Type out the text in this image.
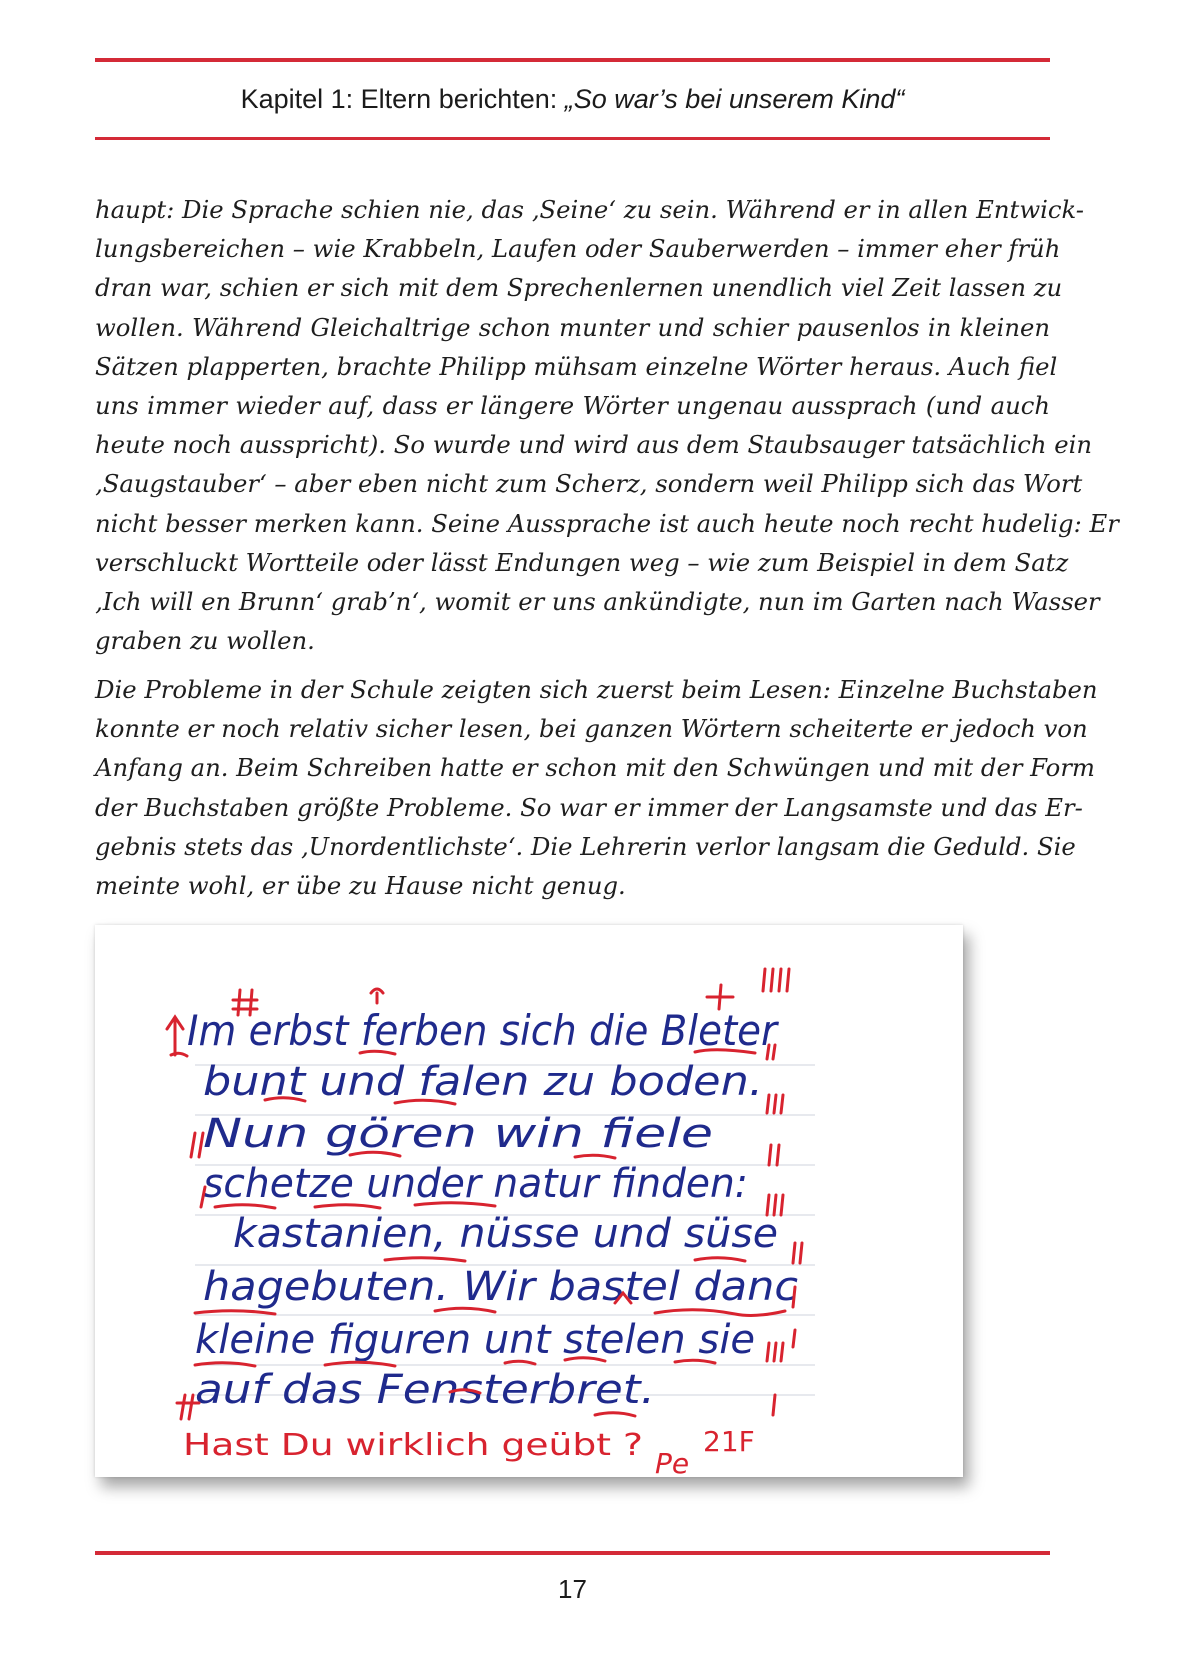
Kapitel 1: Eltern berichten: „So war’s bei unserem Kind“
haupt: Die Sprache schien nie, das ‚Seine‘ zu sein. Während er in allen Entwick-
lungsbereichen – wie Krabbeln, Laufen oder Sauberwerden – immer eher früh
dran war, schien er sich mit dem Sprechenlernen unendlich viel Zeit lassen zu
wollen. Während Gleichaltrige schon munter und schier pausenlos in kleinen
Sätzen plapperten, brachte Philipp mühsam einzelne Wörter heraus. Auch fiel
uns immer wieder auf, dass er längere Wörter ungenau aussprach (und auch
heute noch ausspricht). So wurde und wird aus dem Staubsauger tatsächlich ein
‚Saugstauber‘ – aber eben nicht zum Scherz, sondern weil Philipp sich das Wort
nicht besser merken kann. Seine Aussprache ist auch heute noch recht hudelig: Er
verschluckt Wortteile oder lässt Endungen weg – wie zum Beispiel in dem Satz
‚Ich will en Brunn‘ grab’n‘, womit er uns ankündigte, nun im Garten nach Wasser
graben zu wollen.
Die Probleme in der Schule zeigten sich zuerst beim Lesen: Einzelne Buchstaben
konnte er noch relativ sicher lesen, bei ganzen Wörtern scheiterte er jedoch von
Anfang an. Beim Schreiben hatte er schon mit den Schwüngen und mit der Form
der Buchstaben größte Probleme. So war er immer der Langsamste und das Er-
gebnis stets das ‚Unordentlichste‘. Die Lehrerin verlor langsam die Geduld. Sie
meinte wohl, er übe zu Hause nicht genug.
Im erbst ferben sich die Bleter
bunt und falen zu boden.
Nun gören win fiele
schetze under natur finden:
kastanien, nüsse und süse
hagebuten. Wir bastel danc
kleine figuren unt stelen sie
auf das Fensterbret.
Hast Du wirklich geübt ? 21F
Pe
17
